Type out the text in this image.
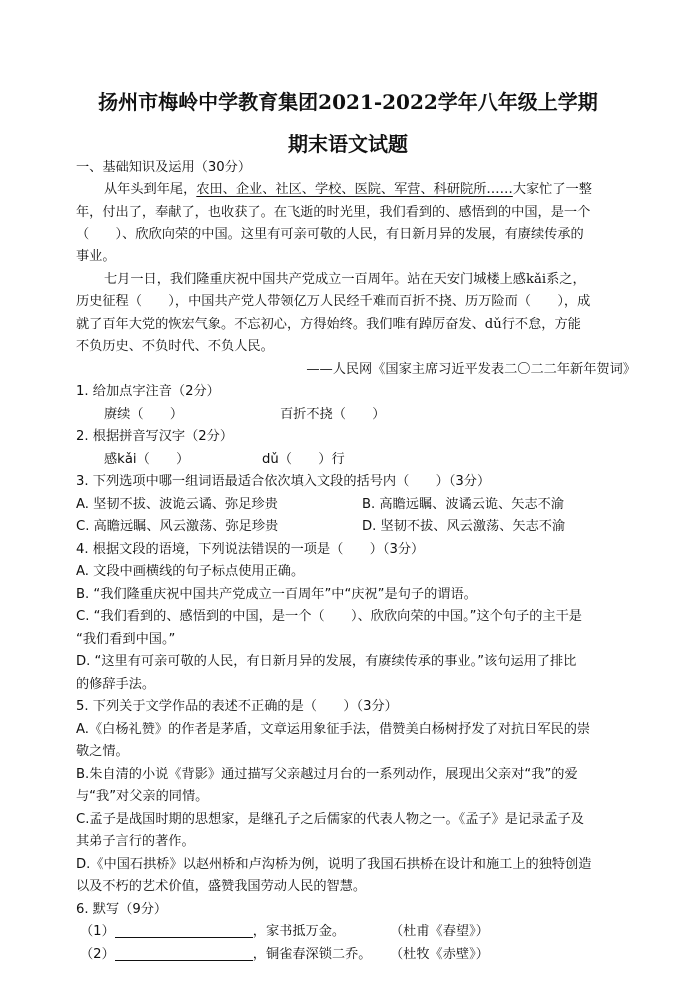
扬州市梅岭中学教育集团2021-2022学年八年级上学期
期末语文试题
一、基础知识及运用（30分）
从年头到年尾，农田、企业、社区、学校、医院、军营、科研院所……大家忙了一整
年，付出了，奉献了，也收获了。在飞逝的时光里，我们看到的、感悟到的中国，是一个
（　　）、欣欣向荣的中国。这里有可亲可敬的人民，有日新月异的发展，有赓续传承的
事业。
七月一日，我们隆重庆祝中国共产党成立一百周年。站在天安门城楼上感kǎi系之，
历史征程（　　），中国共产党人带领亿万人民经千难而百折不挠、历万险而（　　），成
就了百年大党的恢宏气象。不忘初心，方得始终。我们唯有踔厉奋发、dǔ行不怠，方能
不负历史、不负时代、不负人民。
——人民网《国家主席习近平发表二〇二二年新年贺词》
1. 给加点字注音（2分）
赓续（　　）	百折不挠（　　）
2. 根据拼音写汉字（2分）
感kǎi（　　）	dǔ（　　）行
3. 下列选项中哪一组词语最适合依次填入文段的括号内（　　）（3分）
A. 坚韧不拔、波诡云谲、弥足珍贵	B. 高瞻远瞩、波谲云诡、矢志不渝
C. 高瞻远瞩、风云激荡、弥足珍贵	D. 坚韧不拔、风云激荡、矢志不渝
4. 根据文段的语境，下列说法错误的一项是（　　）（3分）
A. 文段中画横线的句子标点使用正确。
B. “我们隆重庆祝中国共产党成立一百周年”中“庆祝”是句子的谓语。
C. “我们看到的、感悟到的中国，是一个（　　）、欣欣向荣的中国。”这个句子的主干是
“我们看到中国。”
D. “这里有可亲可敬的人民，有日新月异的发展，有赓续传承的事业。”该句运用了排比
的修辞手法。
5. 下列关于文学作品的表述不正确的是（　　）（3分）
A.《白杨礼赞》的作者是茅盾，文章运用象征手法，借赞美白杨树抒发了对抗日军民的崇
敬之情。
B.朱自清的小说《背影》通过描写父亲越过月台的一系列动作，展现出父亲对“我”的爱
与“我”对父亲的同情。
C.孟子是战国时期的思想家，是继孔子之后儒家的代表人物之一。《孟子》是记录孟子及
其弟子言行的著作。
D.《中国石拱桥》以赵州桥和卢沟桥为例，说明了我国石拱桥在设计和施工上的独特创造
以及不朽的艺术价值，盛赞我国劳动人民的智慧。
6. 默写（9分）
（1）	，家书抵万金。	（杜甫《春望》）
（2）	，铜雀春深锁二乔。	（杜牧《赤壁》）
